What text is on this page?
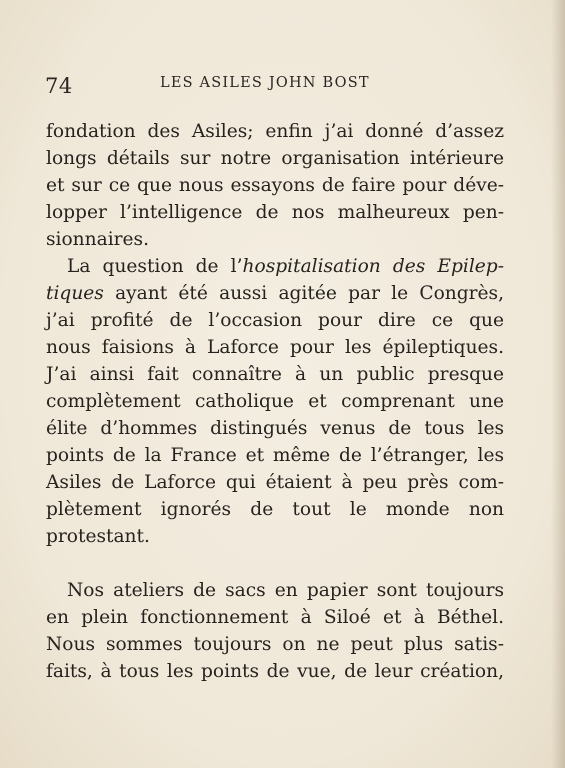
74	LES ASILES JOHN BOST
fondation des Asiles; enfin j’ai donné d’assez
longs détails sur notre organisation intérieure
et sur ce que nous essayons de faire pour déve-
lopper l’intelligence de nos malheureux pen-
sionnaires.
La question de l’hospitalisation des Epilep-
tiques ayant été aussi agitée par le Congrès,
j’ai profité de l’occasion pour dire ce que
nous faisions à Laforce pour les épileptiques.
J’ai ainsi fait connaître à un public presque
complètement catholique et comprenant une
élite d’hommes distingués venus de tous les
points de la France et même de l’étranger, les
Asiles de Laforce qui étaient à peu près com-
plètement ignorés de tout le monde non
protestant.
Nos ateliers de sacs en papier sont toujours
en plein fonctionnement à Siloé et à Béthel.
Nous sommes toujours on ne peut plus satis-
faits, à tous les points de vue, de leur création,
